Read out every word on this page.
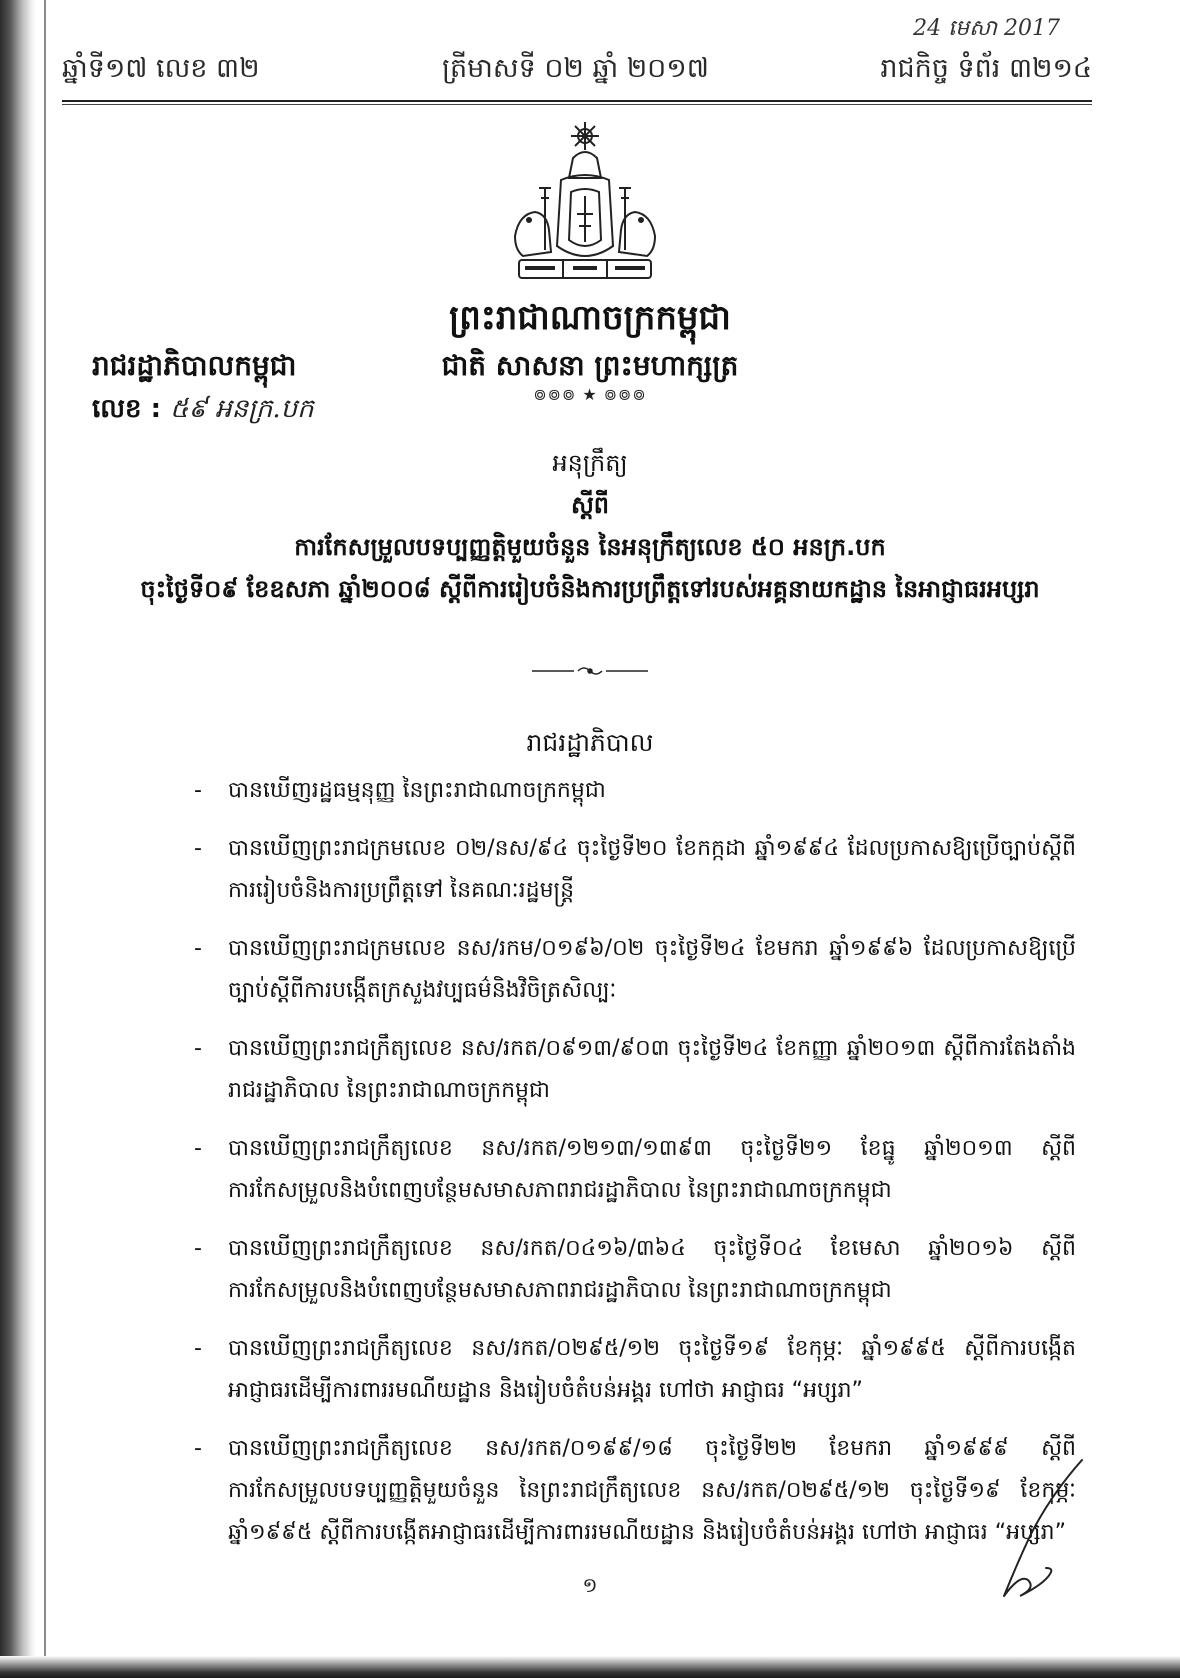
24 មេសា 2017
ឆ្នាំទី១៧ លេខ ៣២	ត្រីមាសទី ០២ ឆ្នាំ ២០១៧	រាជកិច្ច ទំព័រ ៣២១៤
ព្រះរាជាណាចក្រកម្ពុជា
ជាតិ សាសនា ព្រះមហាក្សត្រ
៙៙៙ ★ ៙៙៙
រាជរដ្ឋាភិបាលកម្ពុជា
លេខ : ៥៩ អនក្រ.បក
អនុក្រឹត្យ
ស្តីពី
ការកែសម្រួលបទប្បញ្ញត្តិមួយចំនួន នៃអនុក្រឹត្យលេខ ៥០ អនក្រ.បក
ចុះថ្ងៃទី០៩ ខែឧសភា ឆ្នាំ២០០៨ ស្តីពីការរៀបចំនិងការប្រព្រឹត្តទៅរបស់អគ្គនាយកដ្ឋាន នៃអាជ្ញាធរអប្សរា
រាជរដ្ឋាភិបាល
- បានឃើញរដ្ឋធម្មនុញ្ញ នៃព្រះរាជាណាចក្រកម្ពុជា
- បានឃើញព្រះរាជក្រមលេខ ០២/នស/៩៤ ចុះថ្ងៃទី២០ ខែកក្កដា ឆ្នាំ១៩៩៤ ដែលប្រកាសឱ្យប្រើច្បាប់ស្តីពីការរៀបចំនិងការប្រព្រឹត្តទៅ នៃគណៈរដ្ឋមន្ត្រី
- បានឃើញព្រះរាជក្រមលេខ នស/រកម/០១៩៦/០២ ចុះថ្ងៃទី២៤ ខែមករា ឆ្នាំ១៩៩៦ ដែលប្រកាសឱ្យប្រើច្បាប់ស្តីពីការបង្កើតក្រសួងវប្បធម៌និងវិចិត្រសិល្បៈ
- បានឃើញព្រះរាជក្រឹត្យលេខ នស/រកត/០៩១៣/៩០៣ ចុះថ្ងៃទី២៤ ខែកញ្ញា ឆ្នាំ២០១៣ ស្តីពីការតែងតាំងរាជរដ្ឋាភិបាល នៃព្រះរាជាណាចក្រកម្ពុជា
- បានឃើញព្រះរាជក្រឹត្យលេខ នស/រកត/១២១៣/១៣៩៣ ចុះថ្ងៃទី២១ ខែធ្នូ ឆ្នាំ២០១៣ ស្តីពីការកែសម្រួលនិងបំពេញបន្ថែមសមាសភាពរាជរដ្ឋាភិបាល នៃព្រះរាជាណាចក្រកម្ពុជា
- បានឃើញព្រះរាជក្រឹត្យលេខ នស/រកត/០៤១៦/៣៦៤ ចុះថ្ងៃទី០៤ ខែមេសា ឆ្នាំ២០១៦ ស្តីពីការកែសម្រួលនិងបំពេញបន្ថែមសមាសភាពរាជរដ្ឋាភិបាល នៃព្រះរាជាណាចក្រកម្ពុជា
- បានឃើញព្រះរាជក្រឹត្យលេខ នស/រកត/០២៩៥/១២ ចុះថ្ងៃទី១៩ ខែកុម្ភៈ ឆ្នាំ១៩៩៥ ស្តីពីការបង្កើតអាជ្ញាធរដើម្បីការពាររមណីយដ្ឋាន និងរៀបចំតំបន់អង្គរ ហៅថា អាជ្ញាធរ “អប្សរា”
- បានឃើញព្រះរាជក្រឹត្យលេខ នស/រកត/០១៩៩/១៨ ចុះថ្ងៃទី២២ ខែមករា ឆ្នាំ១៩៩៩ ស្តីពីការកែសម្រួលបទប្បញ្ញត្តិមួយចំនួន នៃព្រះរាជក្រឹត្យលេខ នស/រកត/០២៩៥/១២ ចុះថ្ងៃទី១៩ ខែកុម្ភៈ ឆ្នាំ១៩៩៥ ស្តីពីការបង្កើតអាជ្ញាធរដើម្បីការពាររមណីយដ្ឋាន និងរៀបចំតំបន់អង្គរ ហៅថា អាជ្ញាធរ “អប្សរា”
១
